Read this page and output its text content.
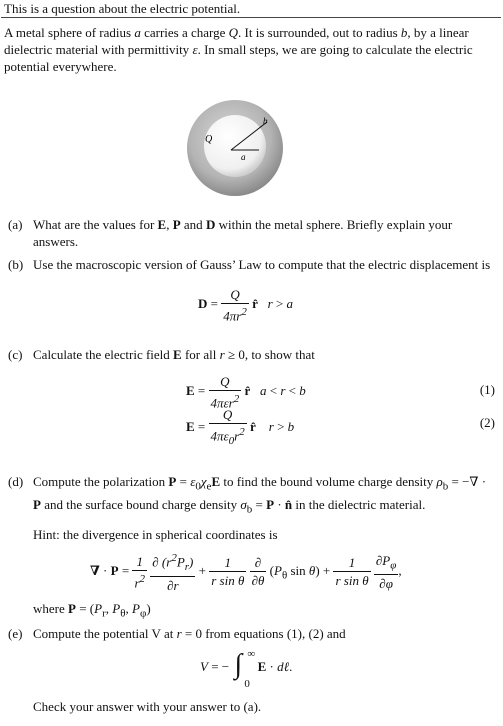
This is a question about the electric potential.
A metal sphere of radius a carries a charge Q. It is surrounded, out to radius b, by a linear dielectric material with permittivity ε. In small steps, we are going to calculate the electric potential everywhere.
Q
b
a
(a) What are the values for E, P and D within the metal sphere. Briefly explain your answers.
(b) Use the macroscopic version of Gauss’ Law to compute that the electric displacement is
$D = \frac{Q}{4\pi r^2}$ r̂ r > a
(c) Calculate the electric field E for all r ≥ 0, to show that
$E = \frac{Q}{4\pi\varepsilon r^2}$ r̂ a < r < b	(1)
$E = \frac{Q}{4\pi\varepsilon_0r^2}$ r̂ r > b	(2)
(d) Compute the polarization $P = \varepsilon_0\chi_eE$ to find the bound volume charge density $\rho_b$ = −∇ · P and the surface bound charge density $\sigma_b = P$ · n̂ in the dielectric material.
Hint: the divergence in spherical coordinates is
∇ · $P = \frac{1}{r^2}$
$\frac{\partial (r^2P_r)}{\partial r} + \frac{1}{\text{r sin θ}}$
$\frac{\partial}{\partial\theta} (P_\theta$ $\sin \theta) + \frac{1}{\text{r sin θ}}$
$\frac{\partial P_\varphi}{\partial\varphi}$ ,
where $P = (P_r$, $P_\theta$, $P_\varphi$)
(e) Compute the potential V at r = 0 from equations (1), (2) and
V = − ∫ ∞
0
E · dℓ.
Check your answer with your answer to (a).
